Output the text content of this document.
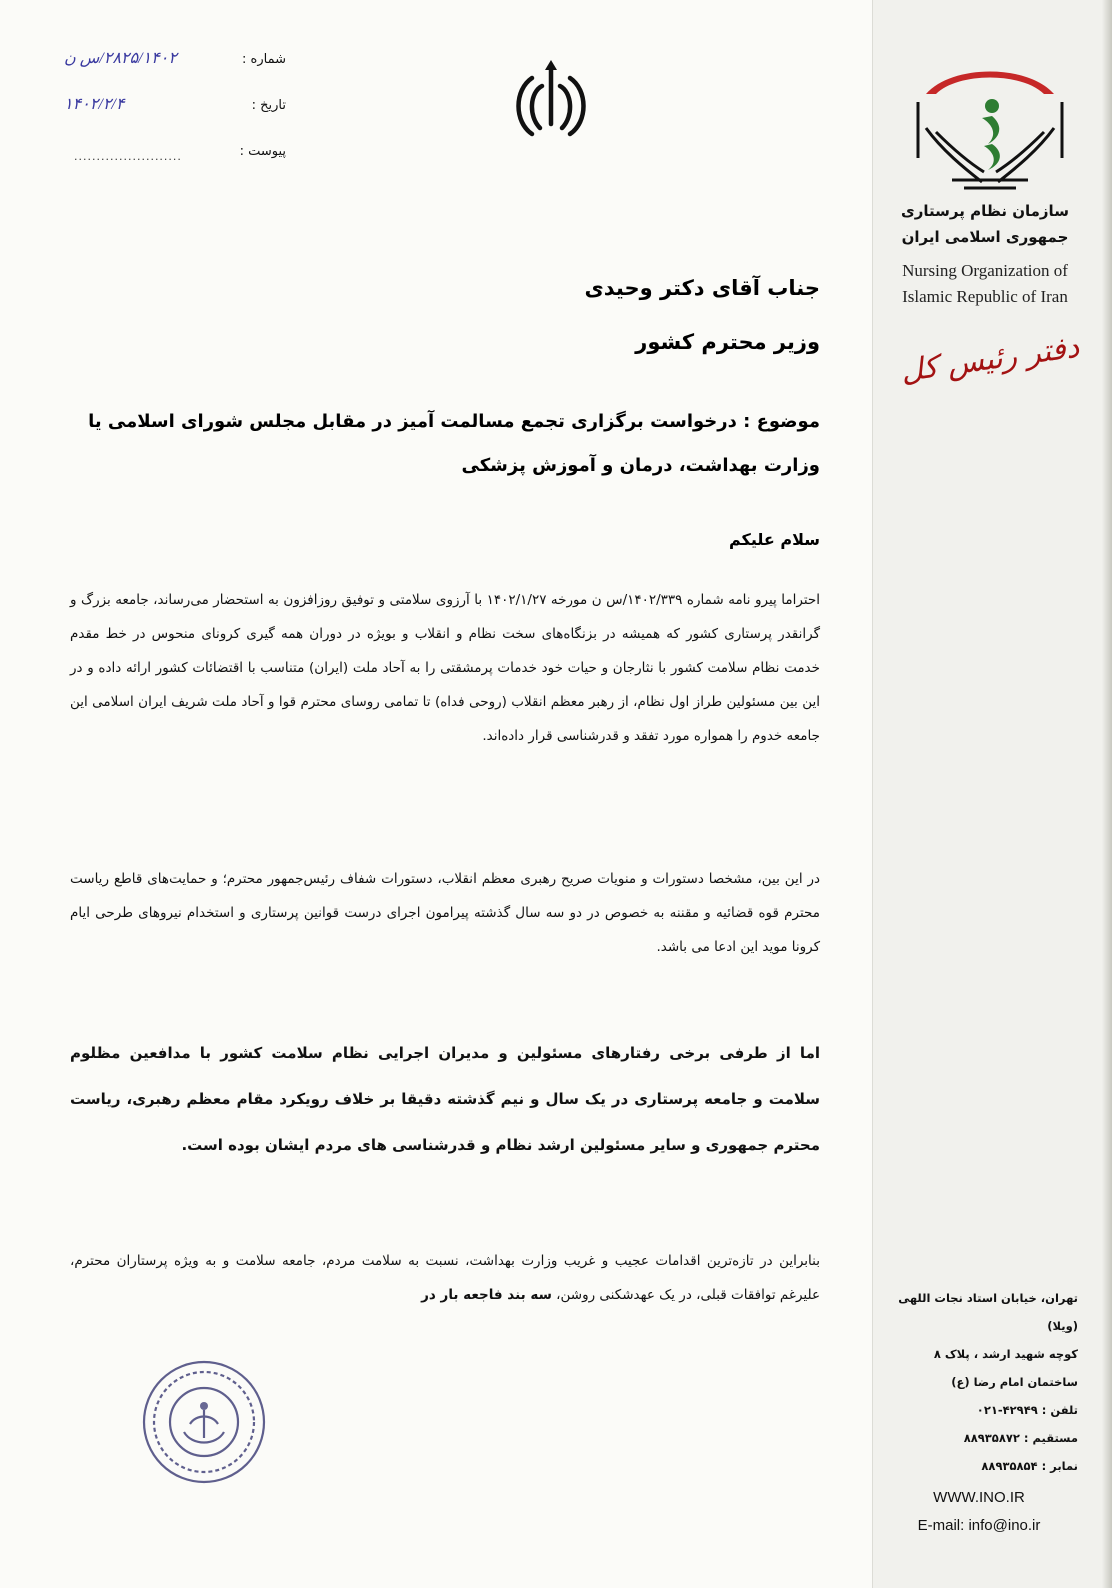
شماره :
۲۸۲۵/۱۴۰۲/س ن
تاریخ :
۱۴۰۲/۲/۴
پیوست :
........................
سازمان نظام پرستاری
جمهوری اسلامی ایران
Nursing Organization of
Islamic Republic of Iran
دفتر رئیس کل
جناب آقای دکتر وحیدی
وزیر محترم کشور
موضوع : درخواست برگزاری تجمع مسالمت آمیز در مقابل مجلس شورای اسلامی یا وزارت بهداشت، درمان و آموزش پزشکی
سلام علیکم
احتراما پیرو نامه شماره ۱۴۰۲/۳۳۹/س ن مورخه ۱۴۰۲/۱/۲۷ با آرزوی سلامتی و توفیق روزافزون به استحضار می‌رساند، جامعه بزرگ و گرانقدر پرستاری کشور که همیشه در بزنگاه‌های سخت نظام و انقلاب و بویژه در دوران همه گیری کرونای منحوس در خط مقدم خدمت نظام سلامت کشور با نثارجان و حیات خود خدمات پرمشقتی را به آحاد ملت (ایران) متناسب با اقتضائات کشور ارائه داده و در این بین مسئولین طراز اول نظام، از رهبر معظم انقلاب (روحی فداه) تا تمامی روسای محترم قوا و آحاد ملت شریف ایران اسلامی این جامعه خدوم را همواره مورد تفقد و قدرشناسی قرار داده‌اند.
در این بین، مشخصا دستورات و منویات صریح رهبری معظم انقلاب، دستورات شفاف رئیس‌جمهور محترم؛ و حمایت‌های قاطع ریاست محترم قوه قضائیه و مقننه به خصوص در دو سه سال گذشته پیرامون اجرای درست قوانین پرستاری و استخدام نیروهای طرحی ایام کرونا موید این ادعا می باشد.
اما از طرفی برخی رفتارهای مسئولین و مدیران اجرایی نظام سلامت کشور با مدافعین مظلوم سلامت و جامعه پرستاری در یک سال و نیم گذشته دقیقا بر خلاف رویکرد مقام معظم رهبری، ریاست محترم جمهوری و سایر مسئولین ارشد نظام و قدرشناسی های مردم ایشان بوده است.
بنابراین در تازه‌ترین اقدامات عجیب و غریب وزارت بهداشت، نسبت به سلامت مردم، جامعه سلامت و به ویژه پرستاران محترم، علیرغم توافقات قبلی، در یک عهدشکنی روشن، سه بند فاجعه بار در	تهران، خیابان استاد نجات اللهی (ویلا)
کوچه شهید ارشد ، پلاک ۸
ساختمان امام رضا (ع)
تلفن : ۴۲۹۴۹-۰۲۱
مستقیم : ۸۸۹۳۵۸۷۲
نمابر : ۸۸۹۳۵۸۵۴
WWW.INO.IR
E-mail: info@ino.ir
